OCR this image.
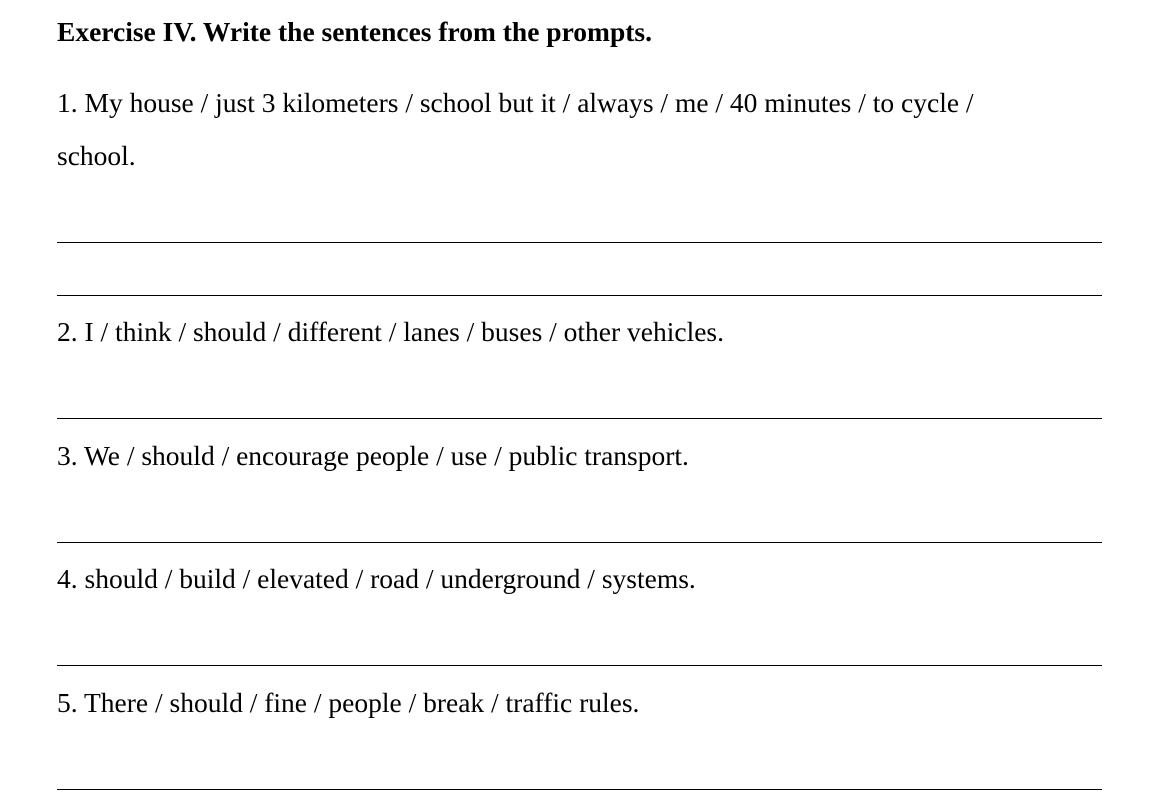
Exercise IV. Write the sentences from the prompts.
1. My house / just 3 kilometers / school but it / always / me / 40 minutes / to cycle /
school.
2. I / think / should / different / lanes / buses / other vehicles.
3. We / should / encourage people / use / public transport.
4. should / build / elevated / road / underground / systems.
5. There / should / fine / people / break / traffic rules.
